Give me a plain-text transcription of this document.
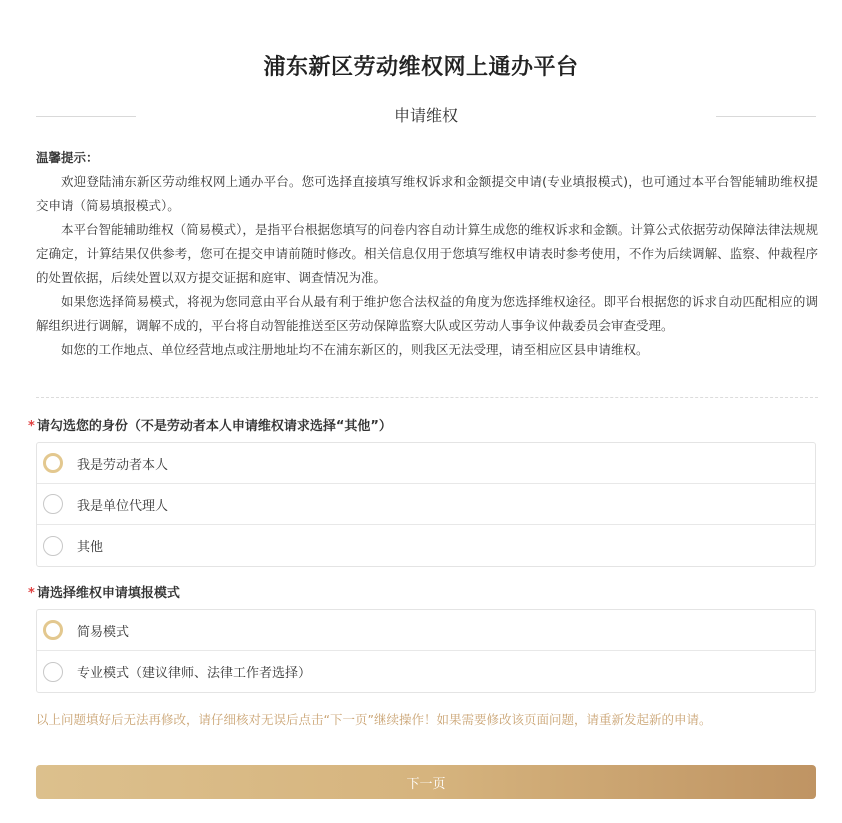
浦东新区劳动维权网上通办平台
申请维权
温馨提示：

欢迎登陆浦东新区劳动维权网上通办平台。您可选择直接填写维权诉求和金额提交申请(专业填报模式)，也可通过本平台智能辅助维权提交申请（简易填报模式）。

本平台智能辅助维权（简易模式），是指平台根据您填写的问卷内容自动计算生成您的维权诉求和金额。计算公式依据劳动保障法律法规规定确定，计算结果仅供参考，您可在提交申请前随时修改。相关信息仅用于您填写维权申请表时参考使用，不作为后续调解、监察、仲裁程序的处置依据，后续处置以双方提交证据和庭审、调查情况为准。

如果您选择简易模式，将视为您同意由平台从最有利于维护您合法权益的角度为您选择维权途径。即平台根据您的诉求自动匹配相应的调解组织进行调解，调解不成的，平台将自动智能推送至区劳动保障监察大队或区劳动人事争议仲裁委员会审查受理。

如您的工作地点、单位经营地点或注册地址均不在浦东新区的，则我区无法受理，请至相应区县申请维权。

* 请勾选您的身份（不是劳动者本人申请维权请求选择“其他”）
我是劳动者本人
我是单位代理人
其他
* 请选择维权申请填报模式
简易模式
专业模式（建议律师、法律工作者选择）
以上问题填好后无法再修改，请仔细核对无误后点击“下一页”继续操作！如果需要修改该页面问题，请重新发起新的申请。
下一页
